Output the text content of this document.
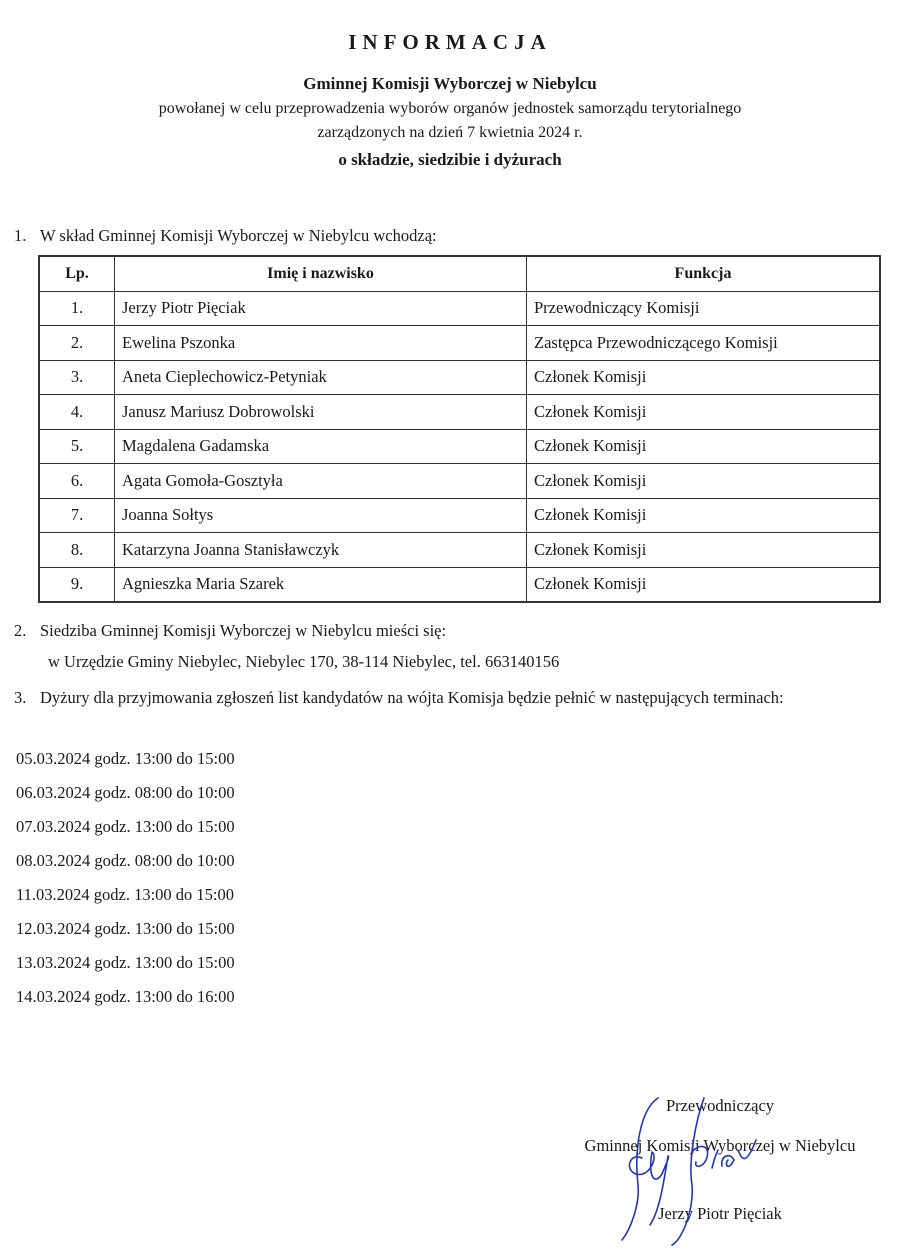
INFORMACJA
Gminnej Komisji Wyborczej w Niebylcu
powołanej w celu przeprowadzenia wyborów organów jednostek samorządu terytorialnego
zarządzonych na dzień 7 kwietnia 2024 r.
o składzie, siedzibie i dyżurach
1. W skład Gminnej Komisji Wyborczej w Niebylcu wchodzą:
Lp.	Imię i nazwisko	Funkcja
1.	Jerzy Piotr Pięciak	Przewodniczący Komisji
2.	Ewelina Pszonka	Zastępca Przewodniczącego Komisji
3.	Aneta Cieplechowicz-Petyniak	Członek Komisji
4.	Janusz Mariusz Dobrowolski	Członek Komisji
5.	Magdalena Gadamska	Członek Komisji
6.	Agata Gomoła-Gosztyła	Członek Komisji
7.	Joanna Sołtys	Członek Komisji
8.	Katarzyna Joanna Stanisławczyk	Członek Komisji
9.	Agnieszka Maria Szarek	Członek Komisji
2. Siedziba Gminnej Komisji Wyborczej w Niebylcu mieści się:
w Urzędzie Gminy Niebylec, Niebylec 170, 38-114 Niebylec, tel. 663140156
3. Dyżury dla przyjmowania zgłoszeń list kandydatów na wójta Komisja będzie pełnić w następujących terminach:
05.03.2024 godz. 13:00 do 15:00
06.03.2024 godz. 08:00 do 10:00
07.03.2024 godz. 13:00 do 15:00
08.03.2024 godz. 08:00 do 10:00
11.03.2024 godz. 13:00 do 15:00
12.03.2024 godz. 13:00 do 15:00
13.03.2024 godz. 13:00 do 15:00
14.03.2024 godz. 13:00 do 16:00
Przewodniczący
Gminnej Komisji Wyborczej w Niebylcu
Jerzy Piotr Pięciak
